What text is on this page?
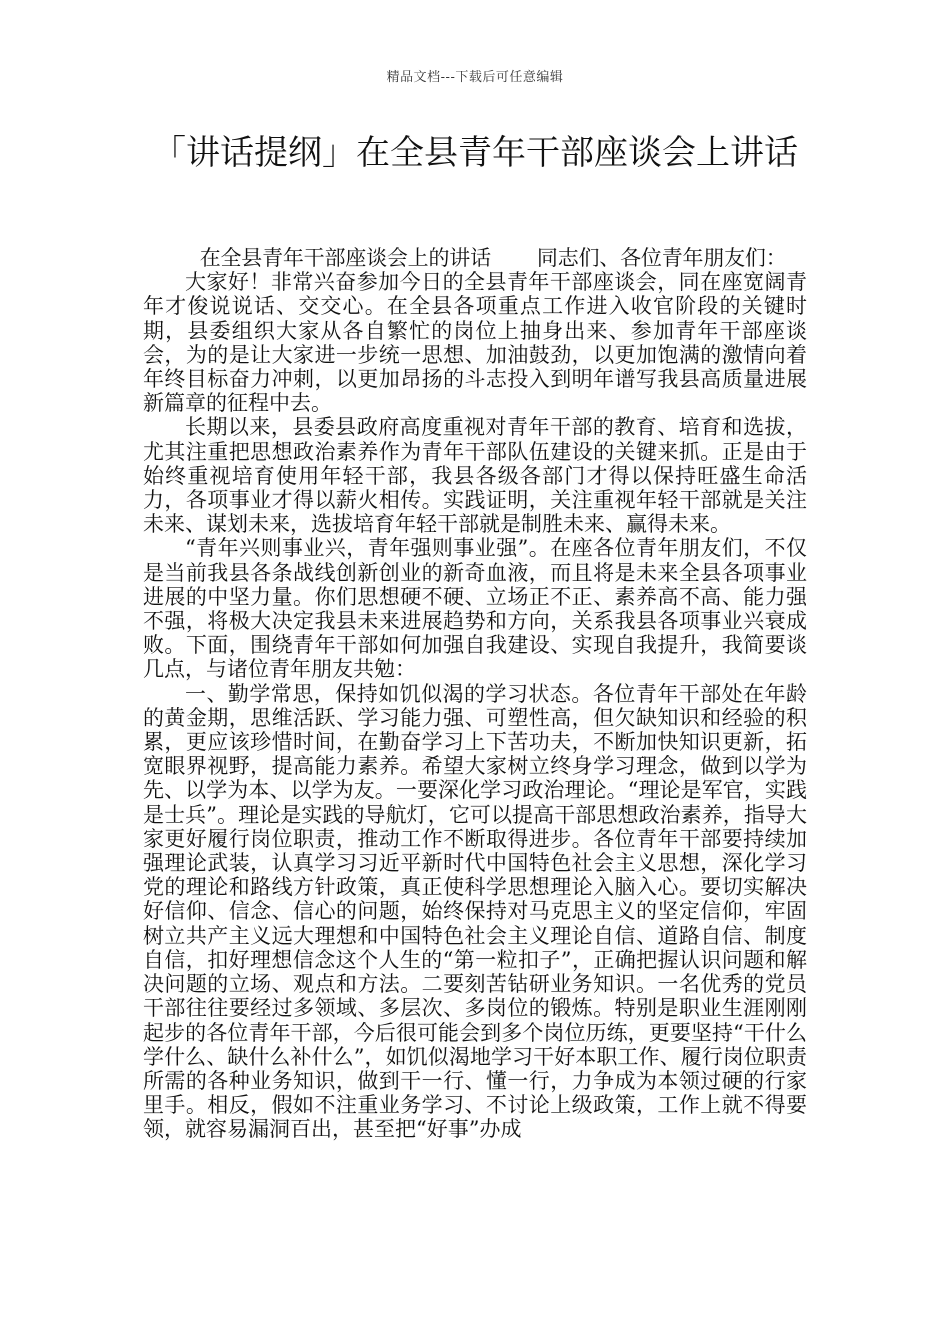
精品文档---下载后可任意编辑
「讲话提纲」在全县青年干部座谈会上讲话

在全县青年干部座谈会上的讲话 同志们、各位青年朋友们：

大家好！非常兴奋参加今日的全县青年干部座谈会，同在座宽阔青年才俊说说话、交交心。在全县各项重点工作进入收官阶段的关键时期，县委组织大家从各自繁忙的岗位上抽身出来、参加青年干部座谈会，为的是让大家进一步统一思想、加油鼓劲，以更加饱满的激情向着年终目标奋力冲刺，以更加昂扬的斗志投入到明年谱写我县高质量进展新篇章的征程中去。

长期以来，县委县政府高度重视对青年干部的教育、培育和选拔，尤其注重把思想政治素养作为青年干部队伍建设的关键来抓。正是由于始终重视培育使用年轻干部，我县各级各部门才得以保持旺盛生命活力，各项事业才得以薪火相传。实践证明，关注重视年轻干部就是关注未来、谋划未来，选拔培育年轻干部就是制胜未来、赢得未来。

“青年兴则事业兴，青年强则事业强”。在座各位青年朋友们，不仅是当前我县各条战线创新创业的新奇血液，而且将是未来全县各项事业进展的中坚力量。你们思想硬不硬、立场正不正、素养高不高、能力强不强，将极大决定我县未来进展趋势和方向，关系我县各项事业兴衰成败。下面，围绕青年干部如何加强自我建设、实现自我提升，我简要谈几点，与诸位青年朋友共勉：

一、勤学常思，保持如饥似渴的学习状态。各位青年干部处在年龄的黄金期，思维活跃、学习能力强、可塑性高，但欠缺知识和经验的积累，更应该珍惜时间，在勤奋学习上下苦功夫，不断加快知识更新，拓宽眼界视野，提高能力素养。希望大家树立终身学习理念，做到以学为先、以学为本、以学为友。一要深化学习政治理论。“理论是军官，实践是士兵”。理论是实践的导航灯，它可以提高干部思想政治素养，指导大家更好履行岗位职责，推动工作不断取得进步。各位青年干部要持续加强理论武装，认真学习习近平新时代中国特色社会主义思想，深化学习党的理论和路线方针政策，真正使科学思想理论入脑入心。要切实解决好信仰、信念、信心的问题，始终保持对马克思主义的坚定信仰，牢固树立共产主义远大理想和中国特色社会主义理论自信、道路自信、制度自信，扣好理想信念这个人生的“第一粒扣子”，正确把握认识问题和解决问题的立场、观点和方法。二要刻苦钻研业务知识。一名优秀的党员干部往往要经过多领域、多层次、多岗位的锻炼。特别是职业生涯刚刚起步的各位青年干部，今后很可能会到多个岗位历练，更要坚持“干什么学什么、缺什么补什么”，如饥似渴地学习干好本职工作、履行岗位职责所需的各种业务知识，做到干一行、懂一行，力争成为本领过硬的行家里手。相反，假如不注重业务学习、不讨论上级政策，工作上就不得要领，就容易漏洞百出，甚至把“好事”办成
